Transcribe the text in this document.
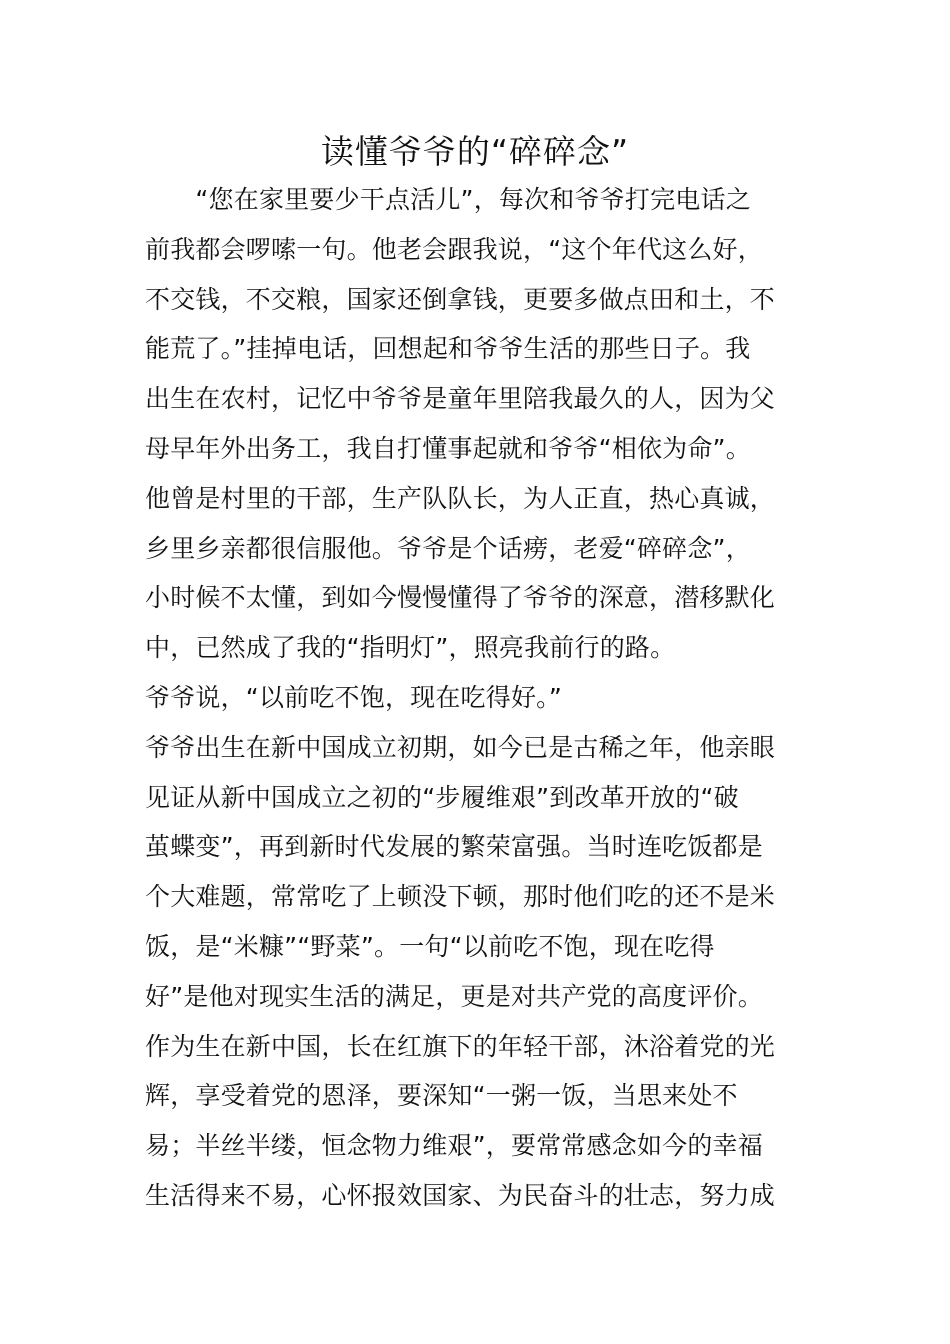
读懂爷爷的“碎碎念”
　　“您在家里要少干点活儿”，每次和爷爷打完电话之
前我都会啰嗦一句。他老会跟我说，“这个年代这么好，
不交钱，不交粮，国家还倒拿钱，更要多做点田和土，不
能荒了。”挂掉电话，回想起和爷爷生活的那些日子。我
出生在农村，记忆中爷爷是童年里陪我最久的人，因为父
母早年外出务工，我自打懂事起就和爷爷“相依为命”。
他曾是村里的干部，生产队队长，为人正直，热心真诚，
乡里乡亲都很信服他。爷爷是个话痨，老爱“碎碎念”，
小时候不太懂，到如今慢慢懂得了爷爷的深意，潜移默化
中，已然成了我的“指明灯”，照亮我前行的路。
爷爷说，“以前吃不饱，现在吃得好。”
爷爷出生在新中国成立初期，如今已是古稀之年，他亲眼
见证从新中国成立之初的“步履维艰”到改革开放的“破
茧蝶变”，再到新时代发展的繁荣富强。当时连吃饭都是
个大难题，常常吃了上顿没下顿，那时他们吃的还不是米
饭，是“米糠”“野菜”。一句“以前吃不饱，现在吃得
好”是他对现实生活的满足，更是对共产党的高度评价。
作为生在新中国，长在红旗下的年轻干部，沐浴着党的光
辉，享受着党的恩泽，要深知“一粥一饭，当思来处不
易；半丝半缕，恒念物力维艰”，要常常感念如今的幸福
生活得来不易，心怀报效国家、为民奋斗的壮志，努力成
